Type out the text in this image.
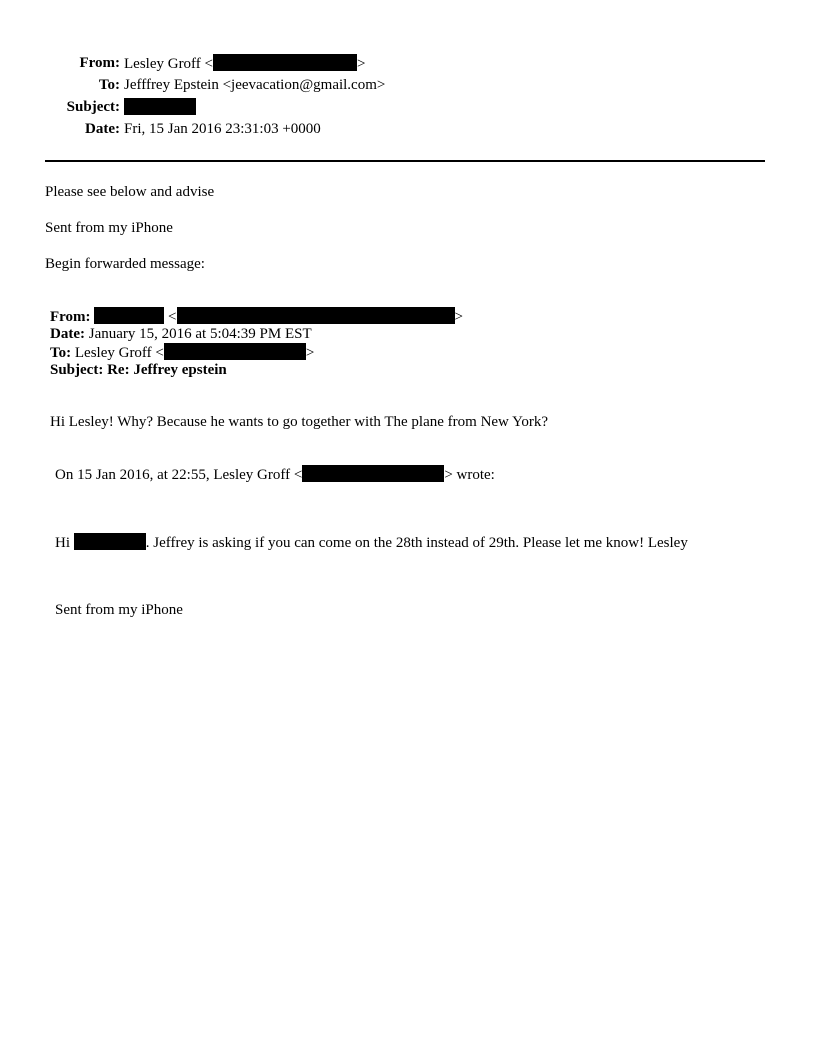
From: Lesley Groff <	>
To: Jefffrey Epstein <jeevacation@gmail.com>
Subject:
Date: Fri, 15 Jan 2016 23:31:03 +0000
Please see below and advise
Sent from my iPhone
Begin forwarded message:
From:	<	>
Date: January 15, 2016 at 5:04:39 PM EST
To: Lesley Groff <	>
Subject: Re: Jeffrey epstein
Hi Lesley! Why? Because he wants to go together with The plane from New York?
On 15 Jan 2016, at 22:55, Lesley Groff <	> wrote:
Hi	. Jeffrey is asking if you can come on the 28th instead of 29th. Please let me know! Lesley
Sent from my iPhone
